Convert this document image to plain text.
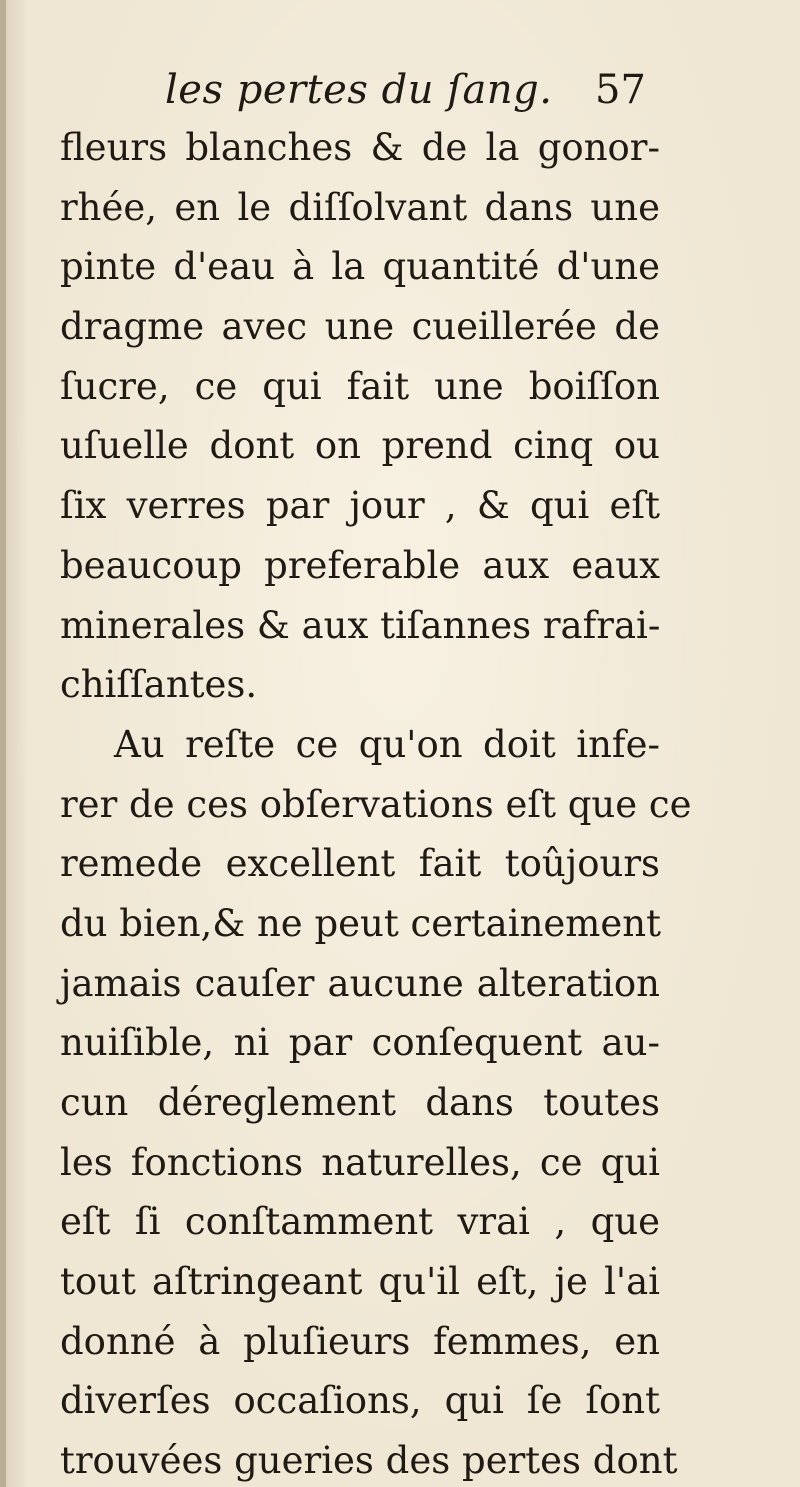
les pertes du ſang. 57
fleurs blanches & de la gonor-
rhée, en le diſſolvant dans une
pinte d'eau à la quantité d'une
dragme avec une cueillerée de
ſucre, ce qui fait une boiſſon
uſuelle dont on prend cinq ou
ſix verres par jour , & qui eſt
beaucoup preferable aux eaux
minerales & aux tiſannes rafrai-
chiſſantes.
Au reſte ce qu'on doit infe-
rer de ces obſervations eſt que ce
remede excellent fait toûjours
du bien,& ne peut certainement
jamais cauſer aucune alteration
nuiſible, ni par conſequent au-
cun déreglement dans toutes
les fonctions naturelles, ce qui
eſt ſi conſtamment vrai , que
tout aſtringeant qu'il eſt, je l'ai
donné à pluſieurs femmes, en
diverſes occaſions, qui ſe ſont
trouvées gueries des pertes dont
